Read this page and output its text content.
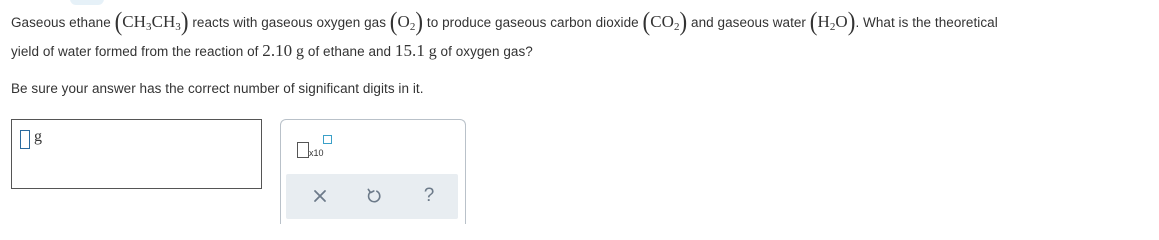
Gaseous ethane $(CH_3CH_3)$ reacts with gaseous oxygen gas $(O_2)$ to produce gaseous carbon dioxide $(CO_2)$ and gaseous water $(H_2O)$. What is the theoretical
yield of water formed from the reaction of 2.10 g of ethane and 15.1 g of oxygen gas?
Be sure your answer has the correct number of significant digits in it.
g
x10
?
